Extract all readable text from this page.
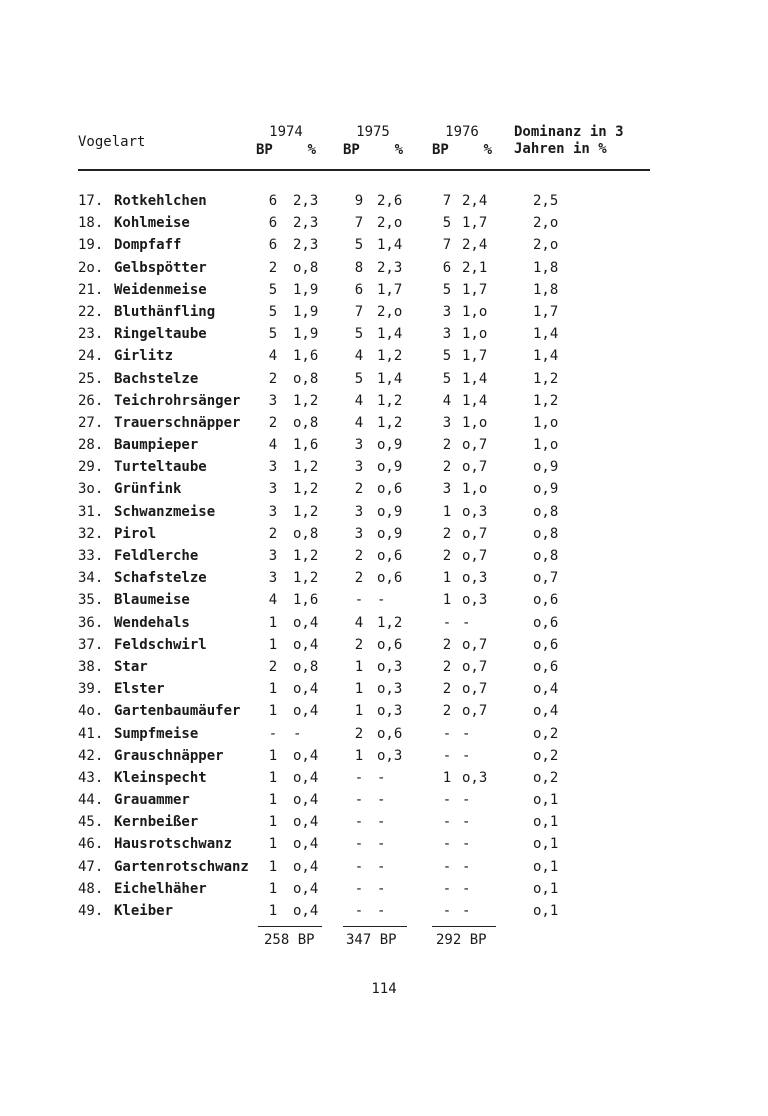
Vogelart
1974
BP %
1975
BP %
1976
BP %
Dominanz in 3
Jahren in %
17. Rotkehlchen	6	2,3	9 2,6	7 2,4	2,5
18. Kohlmeise	6	2,3	7 2,o	5 1,7	2,o
19. Dompfaff	6	2,3	5 1,4	7 2,4	2,o
2o. Gelbspötter	2	o,8	8 2,3	6 2,1	1,8
21. Weidenmeise	5	1,9	6 1,7	5 1,7	1,8
22. Bluthänfling	5	1,9	7 2,o	3 1,o	1,7
23. Ringeltaube	5	1,9	5 1,4	3 1,o	1,4
24. Girlitz	4	1,6	4 1,2	5 1,7	1,4
25. Bachstelze	2	o,8	5 1,4	5 1,4	1,2
26. Teichrohrsänger	3	1,2	4 1,2	4 1,4	1,2
27. Trauerschnäpper	2	o,8	4 1,2	3 1,o	1,o
28. Baumpieper	4	1,6	3 o,9	2 o,7	1,o
29. Turteltaube	3	1,2	3 o,9	2 o,7	o,9
3o. Grünfink	3	1,2	2 o,6	3 1,o	o,9
31. Schwanzmeise	3	1,2	3 o,9	1 o,3	o,8
32. Pirol	2	o,8	3 o,9	2 o,7	o,8
33. Feldlerche	3	1,2	2 o,6	2 o,7	o,8
34. Schafstelze	3	1,2	2 o,6	1 o,3	o,7
35. Blaumeise	4	1,6	- -	1 o,3	o,6
36. Wendehals	1	o,4	4 1,2	- -	o,6
37. Feldschwirl	1	o,4	2 o,6	2 o,7	o,6
38. Star	2	o,8	1 o,3	2 o,7	o,6
39. Elster	1	o,4	1 o,3	2 o,7	o,4
4o. Gartenbaumäufer	1	o,4	1 o,3	2 o,7	o,4
41. Sumpfmeise	-	-	2 o,6	- -	o,2
42. Grauschnäpper	1	o,4	1 o,3	- -	o,2
43. Kleinspecht	1	o,4	- -	1 o,3	o,2
44. Grauammer	1	o,4	- -	- -	o,1
45. Kernbeißer	1	o,4	- -	- -	o,1
46. Hausrotschwanz	1	o,4	- -	- -	o,1
47. Gartenrotschwanz	1	o,4	- -	- -	o,1
48. Eichelhäher	1	o,4	- -	- -	o,1
49. Kleiber	1	o,4	- -	- -	o,1
258 BP 347 BP	292 BP
114
